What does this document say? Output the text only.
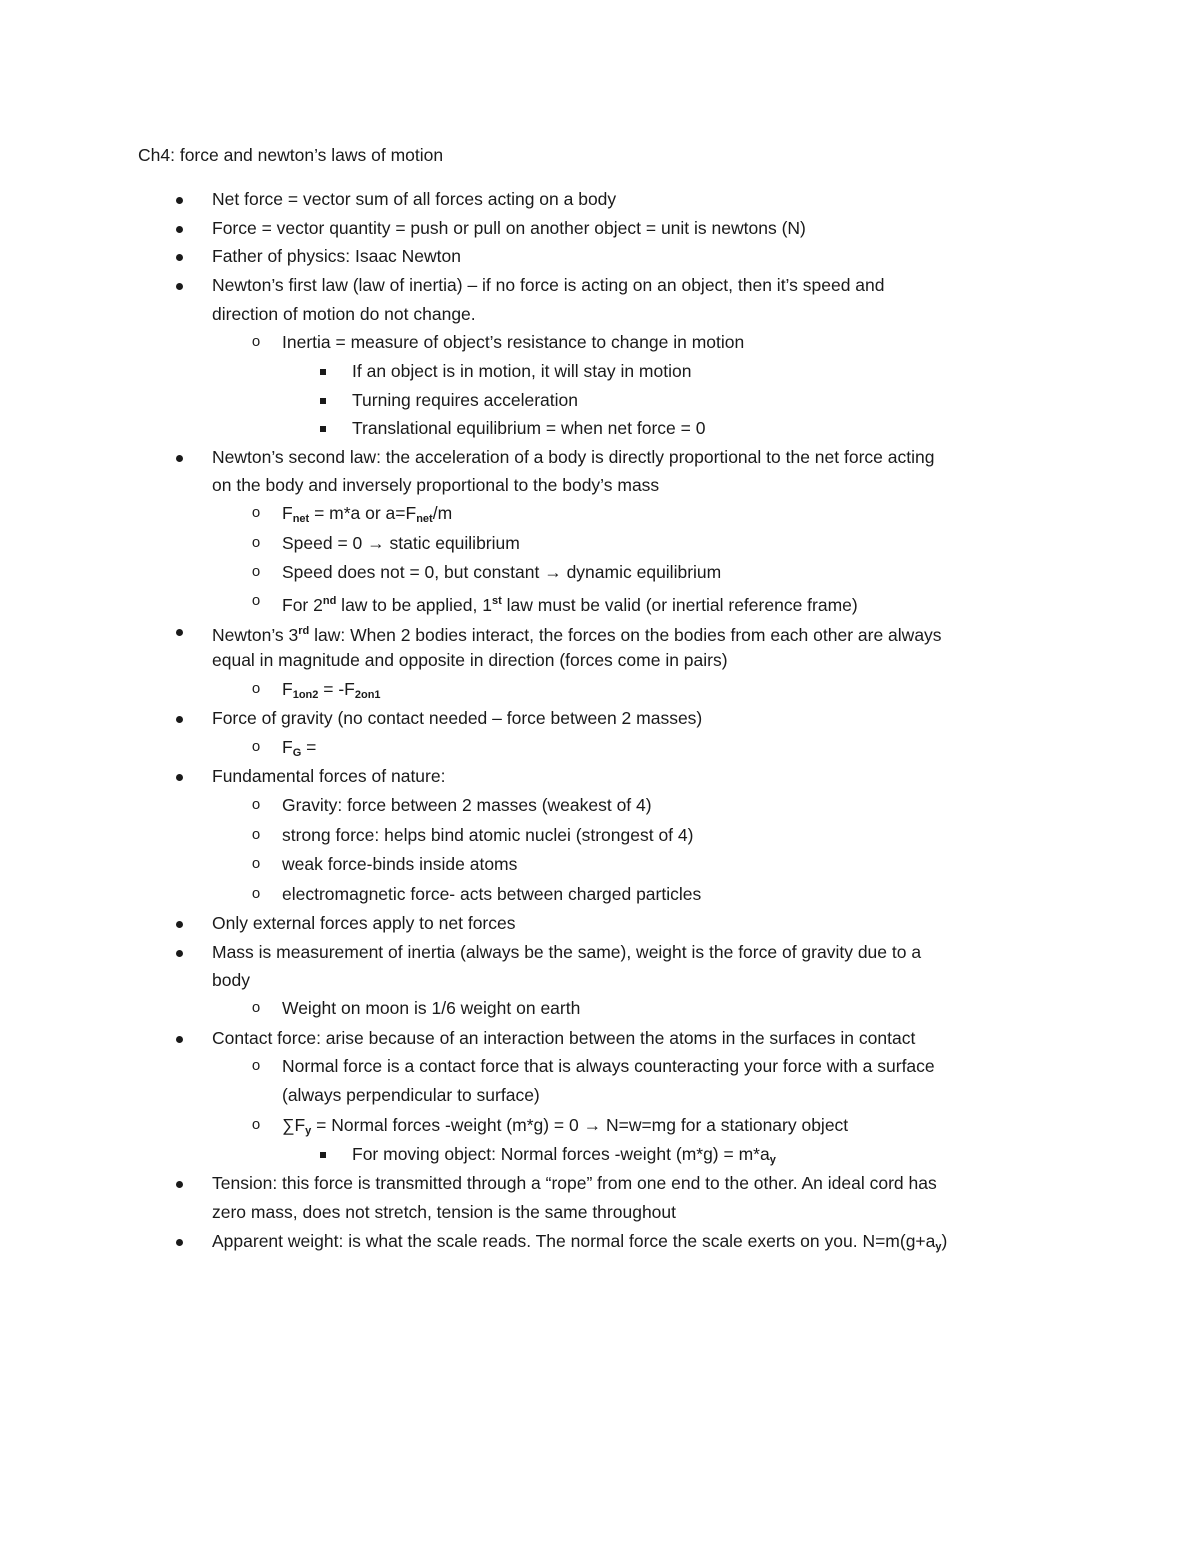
Ch4: force and newton’s laws of motion
Net force = vector sum of all forces acting on a body
Force = vector quantity = push or pull on another object = unit is newtons (N)
Father of physics: Isaac Newton
Newton’s first law (law of inertia) – if no force is acting on an object, then it’s speed and
direction of motion do not change.
o Inertia = measure of object’s resistance to change in motion
If an object is in motion, it will stay in motion
Turning requires acceleration
Translational equilibrium = when net force = 0
Newton’s second law: the acceleration of a body is directly proportional to the net force acting
on the body and inversely proportional to the body’s mass
o $F_{net} = m*a$ or $a=F_{net}/m$
o Speed = 0 → static equilibrium
o Speed does not = 0, but constant → dynamic equilibrium
o For 2nd law to be applied, 1st law must be valid (or inertial reference frame)
Newton’s 3rd law: When 2 bodies interact, the forces on the bodies from each other are always
equal in magnitude and opposite in direction (forces come in pairs)
o $F_{1on2} = -F_{2on1}$
Force of gravity (no contact needed – force between 2 masses)
o $F_G$ =
Fundamental forces of nature:
o Gravity: force between 2 masses (weakest of 4)
o strong force: helps bind atomic nuclei (strongest of 4)
o weak force-binds inside atoms
o electromagnetic force- acts between charged particles
Only external forces apply to net forces
Mass is measurement of inertia (always be the same), weight is the force of gravity due to a
body
o Weight on moon is 1/6 weight on earth
Contact force: arise because of an interaction between the atoms in the surfaces in contact
o Normal force is a contact force that is always counteracting your force with a surface
(always perpendicular to surface)
o $\sum F_y$ = Normal forces -weight (m*g) = 0 → N=w=mg for a stationary object
For moving object: Normal forces -weight $(m*g) = m*a_y$
Tension: this force is transmitted through a “rope” from one end to the other. An ideal cord has
zero mass, does not stretch, tension is the same throughout
Apparent weight: is what the scale reads. The normal force the scale exerts on you. $N=m(g+a_y)$
